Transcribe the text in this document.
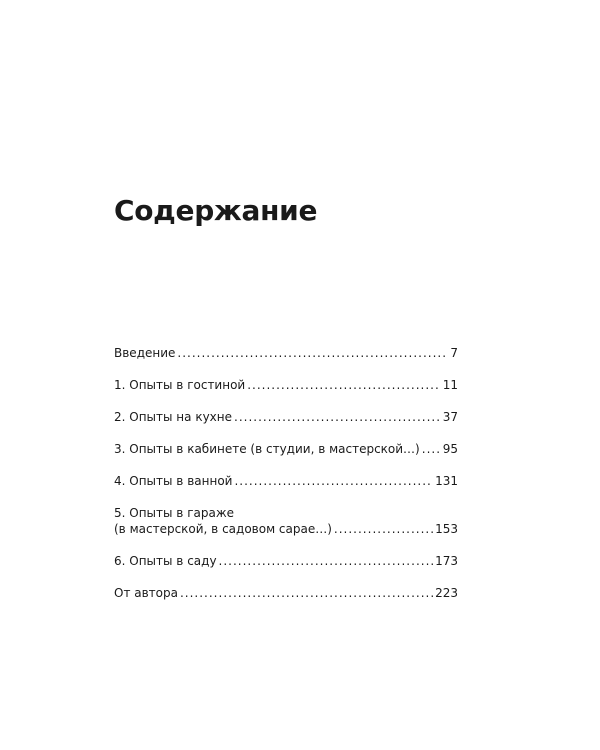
Содержание
Введение .....	7
1. Опыты в гостиной .....	11
2. Опыты на кухне .....	37
3. Опыты в кабинете (в студии, в мастерской…) ..... 95
4. Опыты в ванной .....	131
5. Опыты в гараже
(в мастерской, в садовом сарае…) .....	153
6. Опыты в саду .....	173
От автора .....	223
